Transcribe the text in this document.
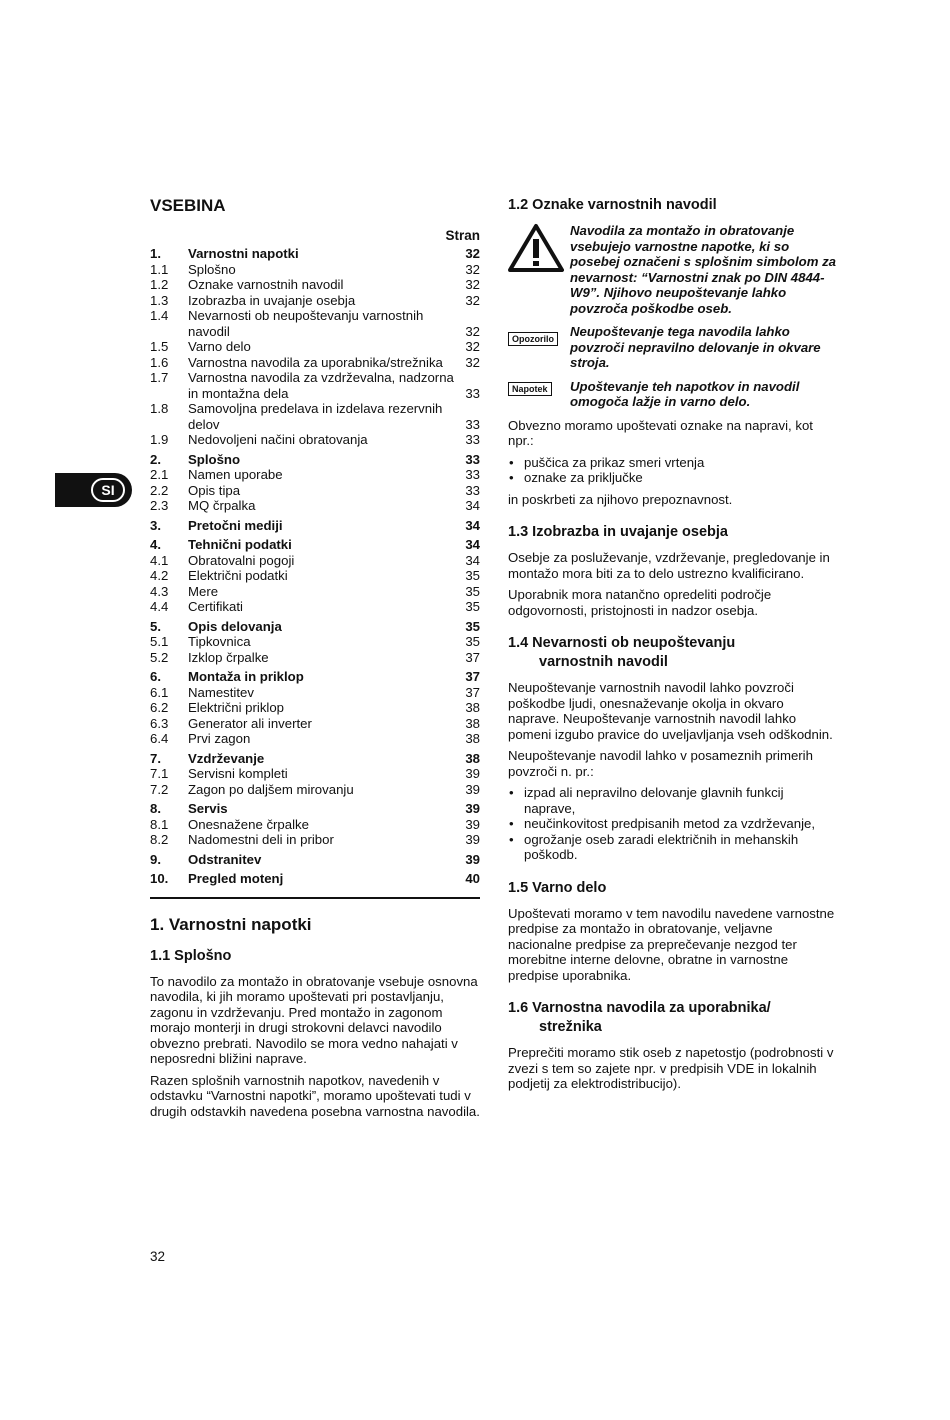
SI
VSEBINA
Stran
1.	Varnostni napotki	32
1.1	Splošno	32
1.2	Oznake varnostnih navodil	32
1.3	Izobrazba in uvajanje osebja	32
1.4	Nevarnosti ob neupoštevanju varnostnih navodil	32
1.5	Varno delo	32
1.6	Varnostna navodila za uporabnika/strežnika	32
1.7	Varnostna navodila za vzdrževalna, nadzorna in montažna dela	33
1.8	Samovoljna predelava in izdelava rezervnih delov	33
1.9	Nedovoljeni načini obratovanja	33
2.	Splošno	33
2.1	Namen uporabe	33
2.2	Opis tipa	33
2.3	MQ črpalka	34
3.	Pretočni mediji	34
4.	Tehnični podatki	34
4.1	Obratovalni pogoji	34
4.2	Električni podatki	35
4.3	Mere	35
4.4	Certifikati	35
5.	Opis delovanja	35
5.1	Tipkovnica	35
5.2	Izklop črpalke	37
6.	Montaža in priklop	37
6.1	Namestitev	37
6.2	Električni priklop	38
6.3	Generator ali inverter	38
6.4	Prvi zagon	38
7.	Vzdrževanje	38
7.1	Servisni kompleti	39
7.2	Zagon po daljšem mirovanju	39
8.	Servis	39
8.1	Onesnažene črpalke	39
8.2	Nadomestni deli in pribor	39
9.	Odstranitev	39
10.	Pregled motenj	40
1. Varnostni napotki
1.1 Splošno

To navodilo za montažo in obratovanje vsebuje osnovna navodila, ki jih moramo upoštevati pri postavljanju, zagonu in vzdrževanju. Pred montažo in zagonom morajo monterji in drugi strokovni delavci navodilo obvezno prebrati. Navodilo se mora vedno nahajati v neposredni bližini naprave.

Razen splošnih varnostnih napotkov, navedenih v odstavku “Varnostni napotki”, moramo upoštevati tudi v drugih odstavkih navedena posebna varnostna navodila.

1.2 Oznake varnostnih navodil
Navodila za montažo in obratovanje vsebujejo varnostne napotke, ki so posebej označeni s splošnim simbolom za nevarnost: “Varnostni znak po DIN 4844-W9”. Njihovo neupoštevanje lahko povzroča poškodbe oseb.
Opozorilo	Neupoštevanje tega navodila lahko povzroči nepravilno delovanje in okvare stroja.
Napotek	Upoštevanje teh napotkov in navodil omogoča lažje in varno delo.

Obvezno moramo upoštevati oznake na napravi, kot npr.:

• puščica za prikaz smeri vrtenja
• oznake za priključke

in poskrbeti za njihovo prepoznavnost.

1.3 Izobrazba in uvajanje osebja

Osebje za posluževanje, vzdrževanje, pregledovanje in montažo mora biti za to delo ustrezno kvalificirano.

Uporabnik mora natančno opredeliti področje odgovornosti, pristojnosti in nadzor osebja.

1.4 Nevarnosti ob neupoštevanju
varnostnih navodil

Neupoštevanje varnostnih navodil lahko povzroči poškodbe ljudi, onesnaževanje okolja in okvaro naprave. Neupoštevanje varnostnih navodil lahko pomeni izgubo pravice do uveljavljanja vseh odškodnin.

Neupoštevanje navodil lahko v posameznih primerih povzroči n. pr.:

• izpad ali nepravilno delovanje glavnih funkcij naprave,
• neučinkovitost predpisanih metod za vzdrževanje,
• ogrožanje oseb zaradi električnih in mehanskih poškodb.
1.5 Varno delo

Upoštevati moramo v tem navodilu navedene varnostne predpise za montažo in obratovanje, veljavne nacionalne predpise za preprečevanje nezgod ter morebitne interne delovne, obratne in varnostne predpise uporabnika.

1.6 Varnostna navodila za uporabnika/
strežnika

Preprečiti moramo stik oseb z napetostjo (podrobnosti v zvezi s tem so zajete npr. v predpisih VDE in lokalnih podjetij za elektrodistribucijo).

32
